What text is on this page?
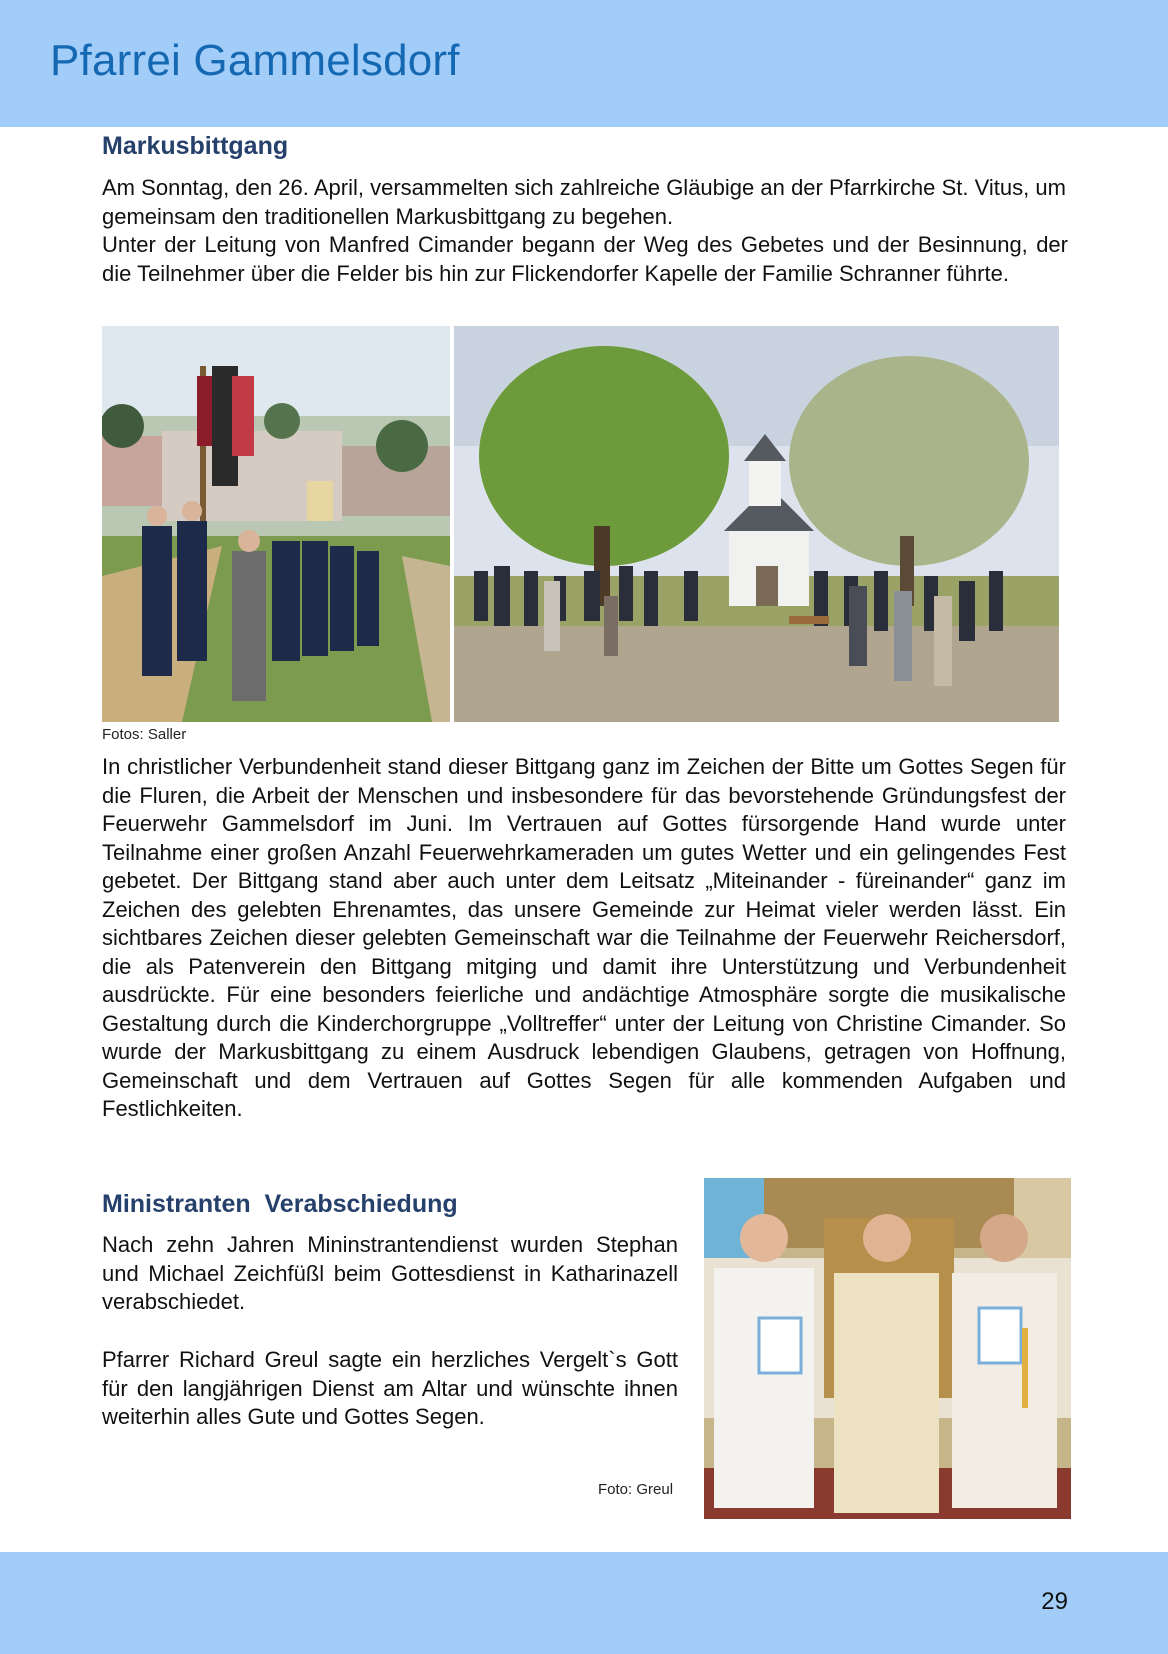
Pfarrei Gammelsdorf
Markusbittgang

Am Sonntag, den 26. April, versammelten sich zahlreiche Gläubige an der Pfarrkirche St. Vitus, um gemeinsam den traditionellen Markusbittgang zu begehen.

Unter der Leitung von Manfred Cimander begann der Weg des Gebetes und der Besinnung, der die Teilnehmer über die Felder bis hin zur Flickendorfer Kapelle der Familie Schranner führte.

Fotos: Saller

In christlicher Verbundenheit stand dieser Bittgang ganz im Zeichen der Bitte um Gottes Segen für die Fluren, die Arbeit der Menschen und insbesondere für das bevorstehende Gründungsfest der Feuerwehr Gammelsdorf im Juni. Im Vertrauen auf Gottes fürsorgende Hand wurde unter Teilnahme einer großen Anzahl Feuerwehrkameraden um gutes Wetter und ein gelingendes Fest gebetet. Der Bittgang stand aber auch unter dem Leitsatz „Miteinander - füreinander“ ganz im Zeichen des gelebten Ehrenamtes, das unsere Gemeinde zur Heimat vieler werden lässt. Ein sichtbares Zeichen dieser gelebten Gemeinschaft war die Teilnahme der Feuerwehr Reichersdorf, die als Patenverein den Bittgang mitging und damit ihre Unterstützung und Verbundenheit ausdrückte. Für eine besonders feierliche und andächtige Atmosphäre sorgte die musikalische Gestaltung durch die Kinderchorgruppe „Volltreffer“ unter der Leitung von Christine Cimander. So wurde der Markusbittgang zu einem Ausdruck lebendigen Glaubens, getragen von Hoffnung, Gemeinschaft und dem Vertrauen auf Gottes Segen für alle kommenden Aufgaben und Festlichkeiten.

Ministranten  Verabschiedung

Nach zehn Jahren Mininstrantendienst wurden Stephan und Michael Zeichfüßl beim Gottesdienst in Katharinazell verabschiedet.

Pfarrer Richard Greul sagte ein herzliches Vergelt`s Gott für den langjährigen Dienst am Altar und wünschte ihnen weiterhin alles Gute und Gottes Segen.

Foto: Greul

29
